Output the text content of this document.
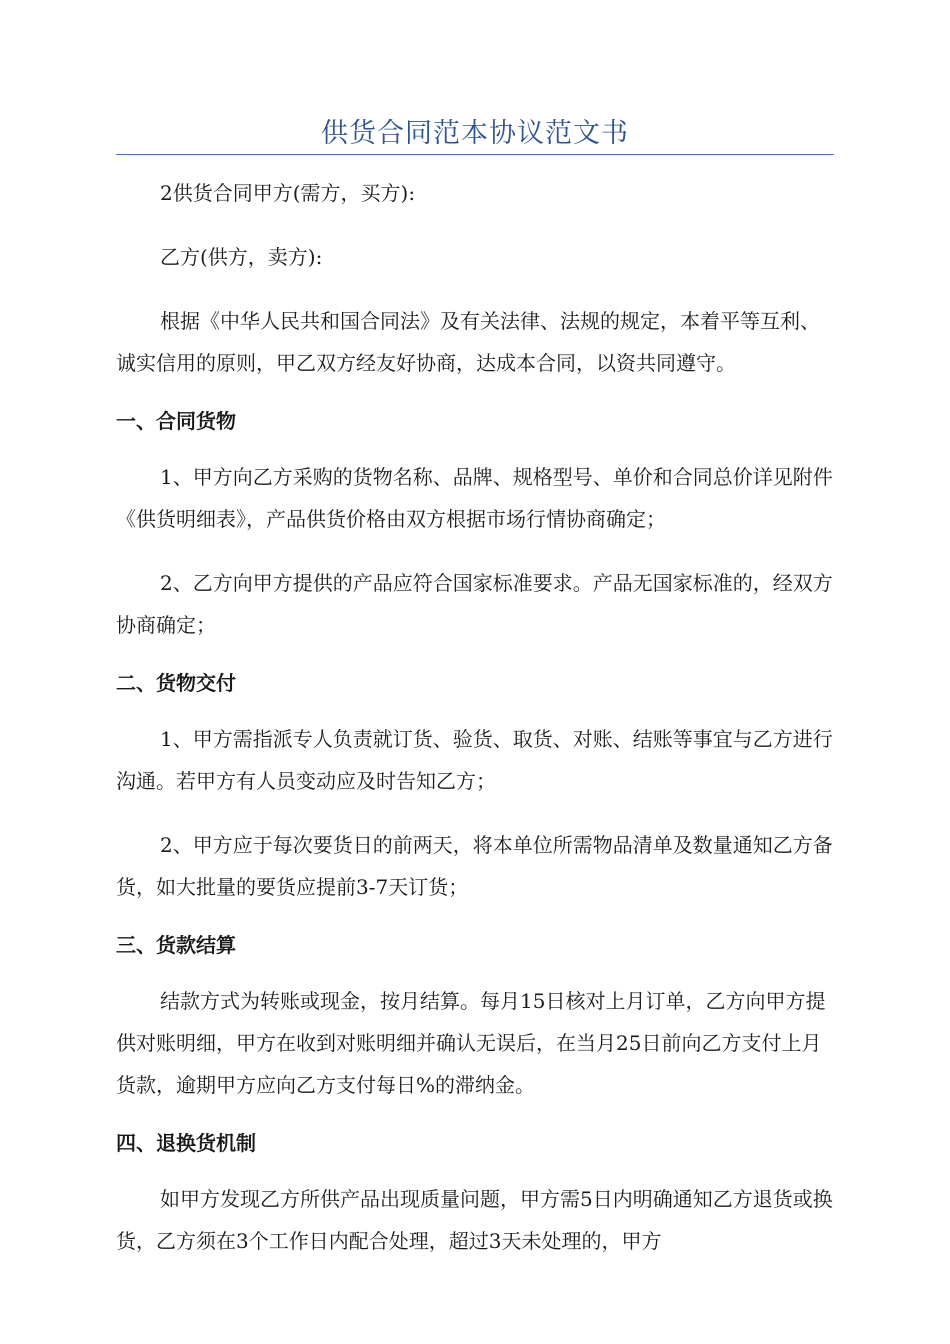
供货合同范本协议范文书

2供货合同甲方(需方，买方):

乙方(供方，卖方):

根据《中华人民共和国合同法》及有关法律、法规的规定，本着平等互利、诚实信用的原则，甲乙双方经友好协商，达成本合同，以资共同遵守。

一、合同货物

1、甲方向乙方采购的货物名称、品牌、规格型号、单价和合同总价详见附件《供货明细表》，产品供货价格由双方根据市场行情协商确定；

2、乙方向甲方提供的产品应符合国家标准要求。产品无国家标准的，经双方协商确定；

二、货物交付

1、甲方需指派专人负责就订货、验货、取货、对账、结账等事宜与乙方进行沟通。若甲方有人员变动应及时告知乙方；

2、甲方应于每次要货日的前两天，将本单位所需物品清单及数量通知乙方备货，如大批量的要货应提前3-7天订货；

三、货款结算

结款方式为转账或现金，按月结算。每月15日核对上月订单，乙方向甲方提供对账明细，甲方在收到对账明细并确认无误后，在当月25日前向乙方支付上月货款，逾期甲方应向乙方支付每日%的滞纳金。

四、退换货机制

如甲方发现乙方所供产品出现质量问题，甲方需5日内明确通知乙方退货或换货，乙方须在3个工作日内配合处理，超过3天未处理的，甲方
